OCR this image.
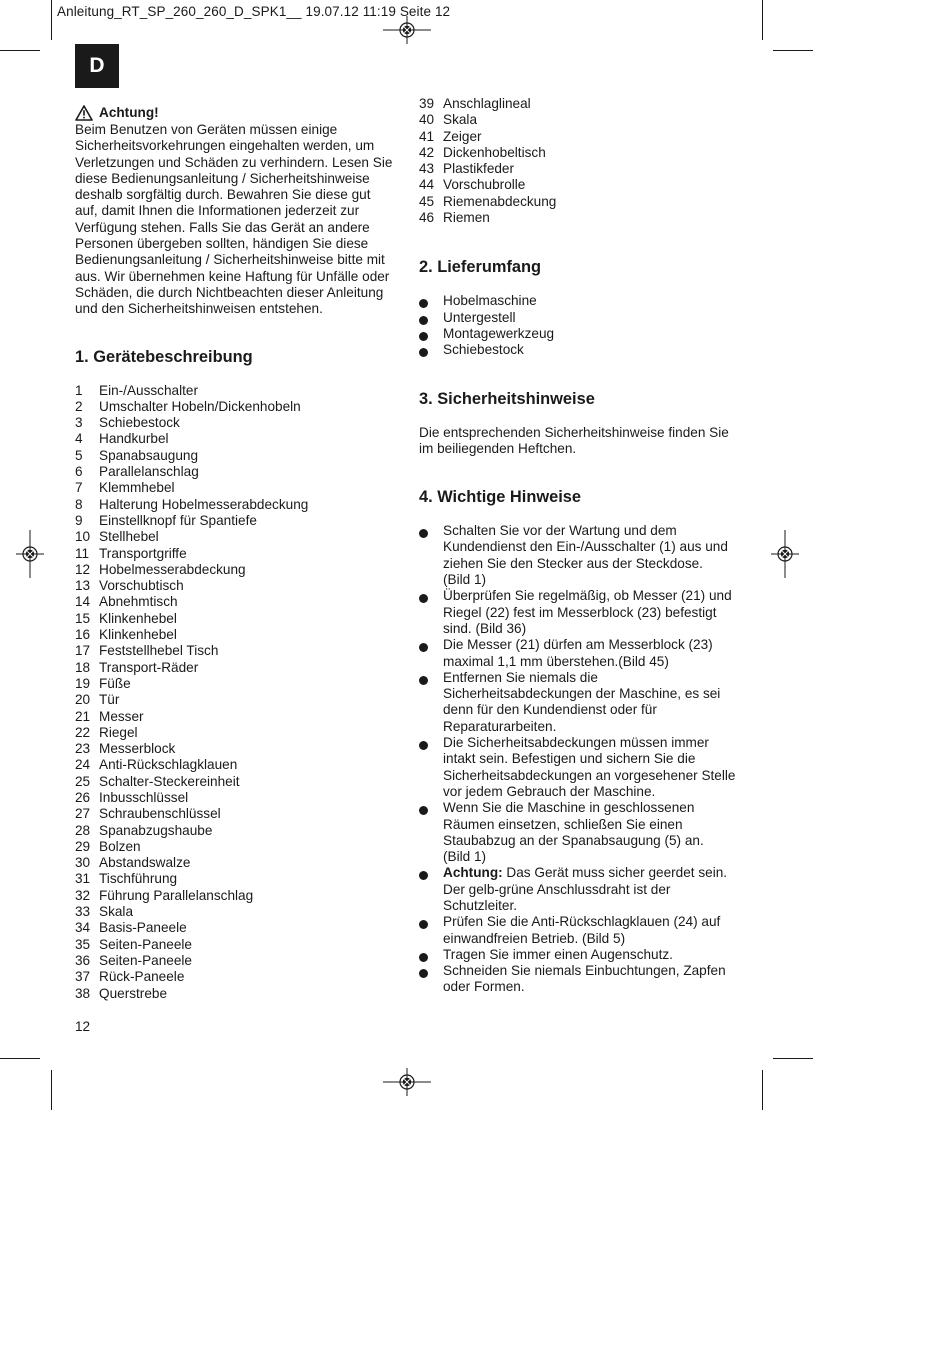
Anleitung_RT_SP_260_260_D_SPK1__ 19.07.12 11:19 Seite 12
D
Achtung!
Beim Benutzen von Geräten müssen einige
Sicherheitsvorkehrungen eingehalten werden, um
Verletzungen und Schäden zu verhindern. Lesen Sie
diese Bedienungsanleitung / Sicherheitshinweise
deshalb sorgfältig durch. Bewahren Sie diese gut
auf, damit Ihnen die Informationen jederzeit zur
Verfügung stehen. Falls Sie das Gerät an andere
Personen übergeben sollten, händigen Sie diese
Bedienungsanleitung / Sicherheitshinweise bitte mit
aus. Wir übernehmen keine Haftung für Unfälle oder
Schäden, die durch Nichtbeachten dieser Anleitung
und den Sicherheitshinweisen entstehen.
1. Gerätebeschreibung
1	Ein-/Ausschalter
2	Umschalter Hobeln/Dickenhobeln
3	Schiebestock
4	Handkurbel
5	Spanabsaugung
6	Parallelanschlag
7	Klemmhebel
8	Halterung Hobelmesserabdeckung
9	Einstellknopf für Spantiefe
10 Stellhebel
11 Transportgriffe
12 Hobelmesserabdeckung
13 Vorschubtisch
14 Abnehmtisch
15 Klinkenhebel
16 Klinkenhebel
17 Feststellhebel Tisch
18 Transport-Räder
19 Füße
20 Tür
21 Messer
22 Riegel
23 Messerblock
24 Anti-Rückschlagklauen
25 Schalter-Steckereinheit
26 Inbusschlüssel
27 Schraubenschlüssel
28 Spanabzugshaube
29 Bolzen
30 Abstandswalze
31 Tischführung
32 Führung Parallelanschlag
33 Skala
34 Basis-Paneele
35 Seiten-Paneele
36 Seiten-Paneele
37 Rück-Paneele
38 Querstrebe
12
39 Anschlaglineal
40 Skala
41 Zeiger
42 Dickenhobeltisch
43 Plastikfeder
44 Vorschubrolle
45 Riemenabdeckung
46 Riemen
2. Lieferumfang
Hobelmaschine
Untergestell
Montagewerkzeug
Schiebestock
3. Sicherheitshinweise
Die entsprechenden Sicherheitshinweise finden Sie
im beiliegenden Heftchen.
4. Wichtige Hinweise
Schalten Sie vor der Wartung und dem
Kundendienst den Ein-/Ausschalter (1) aus und
ziehen Sie den Stecker aus der Steckdose.
(Bild 1)
Überprüfen Sie regelmäßig, ob Messer (21) und
Riegel (22) fest im Messerblock (23) befestigt
sind. (Bild 36)
Die Messer (21) dürfen am Messerblock (23)
maximal 1,1 mm überstehen.(Bild 45)
Entfernen Sie niemals die
Sicherheitsabdeckungen der Maschine, es sei
denn für den Kundendienst oder für
Reparaturarbeiten.
Die Sicherheitsabdeckungen müssen immer
intakt sein. Befestigen und sichern Sie die
Sicherheitsabdeckungen an vorgesehener Stelle
vor jedem Gebrauch der Maschine.
Wenn Sie die Maschine in geschlossenen
Räumen einsetzen, schließen Sie einen
Staubabzug an der Spanabsaugung (5) an.
(Bild 1)
Achtung: Das Gerät muss sicher geerdet sein.
Der gelb-grüne Anschlussdraht ist der
Schutzleiter.
Prüfen Sie die Anti-Rückschlagklauen (24) auf
einwandfreien Betrieb. (Bild 5)
Tragen Sie immer einen Augenschutz.
Schneiden Sie niemals Einbuchtungen, Zapfen
oder Formen.
